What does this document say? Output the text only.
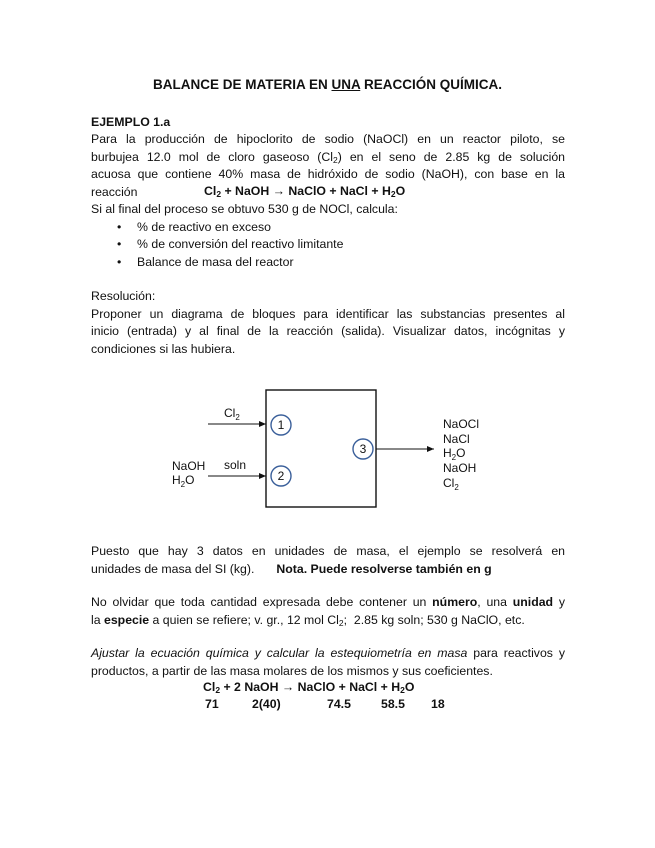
BALANCE DE MATERIA EN UNA REACCIÓN QUÍMICA.
EJEMPLO 1.a
Para la producción de hipoclorito de sodio (NaOCl) en un reactor piloto, se
burbujea 12.0 mol de cloro gaseoso $(Cl_2)$ en el seno de 2.85 kg de solución
acuosa que contiene 40% masa de hidróxido de sodio (NaOH), con base en la
reacción
Si al final del proceso se obtuvo 530 g de NOCl, calcula:
• % de reactivo en exceso
• % de conversión del reactivo limitante
• Balance de masa del reactor
$Cl_2$ + NaOH → NaClO + NaCl + $H_2O$
Resolución:
Proponer un diagrama de bloques para identificar las substancias presentes al
inicio (entrada) y al final de la reacción (salida). Visualizar datos, incógnitas y
condiciones si las hubiera.
1
2
3
$Cl_2$
soln
NaOH
$H_2O$
NaOCl
NaCl
$H_2O$
NaOH
$Cl_2$
Puesto que hay 3 datos en unidades de masa, el ejemplo se resolverá en
unidades de masa del SI (kg). Nota. Puede resolverse también en g
No olvidar que toda cantidad expresada debe contener un número, una unidad y
la especie a quien se refiere; v. gr., 12 mol $Cl_2$;  2.85 kg soln; 530 g NaClO, etc.
Ajustar la ecuación química y calcular la estequiometría en masa para reactivos y
productos, a partir de las masa molares de los mismos y sus coeficientes.
$Cl_2 + 2$ NaOH → NaClO + NaCl + $H_2O$
71	2(40)	74.5 58.5 18
